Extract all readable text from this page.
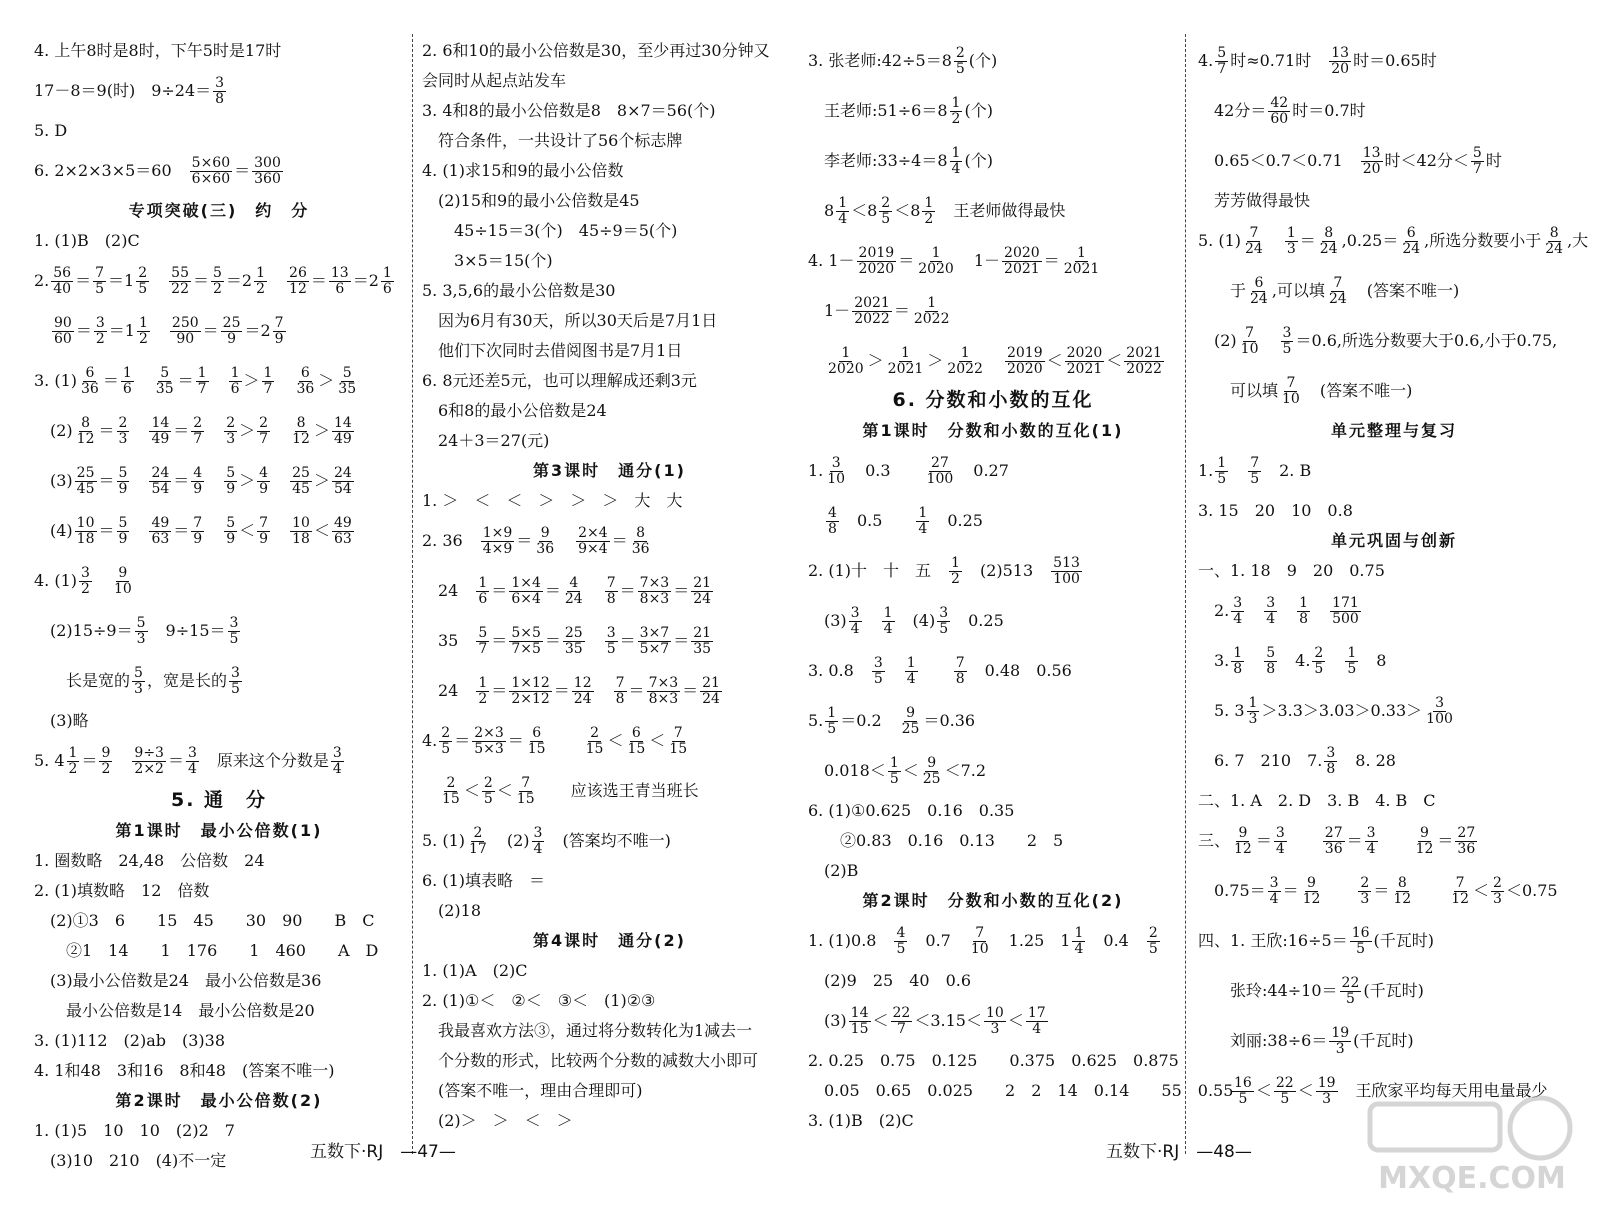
4. 上午8时是8时，下午5时是17时
17－8＝9(时)　$9\div 24= \frac{3}{8}$
5. D
6. 2×2×3×5＝60　 $\frac{5\times 60}{6\times 60} = \frac{300}{360}$
专项突破(三)　约　分
1. (1)B　(2)C
2. $\frac{56}{40} = \frac{7}{5} =1 \frac{2}{5}$
　 $\frac{55}{22} = \frac{5}{2} =2 \frac{1}{2}$
　 $\frac{26}{12} = \frac{13}{6} =2 \frac{1}{6}$

$\frac{90}{60} = \frac{3}{2} =1 \frac{1}{2}$
　 $\frac{250}{90} = \frac{25}{9} =2 \frac{7}{9}$
3. $(1) \frac{6}{36} = \frac{1}{6}$
　 $\frac{5}{35} = \frac{1}{7}$
　 $\frac{1}{6} > \frac{1}{7}$
　 $\frac{6}{36} > \frac{5}{35}$
　$(2) \frac{8}{12} = \frac{2}{3}$
　 $\frac{14}{49} = \frac{2}{7}$
　 $\frac{2}{3} > \frac{2}{7}$
　 $\frac{8}{12} > \frac{14}{49}$
　$(3) \frac{25}{45} = \frac{5}{9}$
　 $\frac{24}{54} = \frac{4}{9}$
　 $\frac{5}{9} > \frac{4}{9}$
　 $\frac{25}{45} > \frac{24}{54}$
　$(4) \frac{10}{18} = \frac{5}{9}$
　 $\frac{49}{63} = \frac{7}{9}$
　 $\frac{5}{9} < \frac{7}{9}$
　 $\frac{10}{18} < \frac{49}{63}$
4. $(1) \frac{3}{2}$
　 $\frac{9}{10}$
　$(2)15\div 9= \frac{5}{3}$ 　$9\div 15= \frac{3}{5}$
　　长是宽的 $\frac{5}{3}$ ，宽是长的 $\frac{3}{5}$
　(3)略
5. $4 \frac{1}{2} = \frac{9}{2}$
　 $\frac{9\div 3}{2\times 2} = \frac{3}{4}$ 　原来这个分数是 $\frac{3}{4}$
5. 通　分
第1课时　最小公倍数(1)
1. 圈数略　24,48　公倍数　24
2. (1)填数略　12　倍数
　(2)①3　6　　15　45　　30　90　　B　C
　　②1　14　　1　176　　1　460　　A　D
　(3)最小公倍数是24　最小公倍数是36
　　最小公倍数是14　最小公倍数是20
3. (1)112　(2)ab　(3)38
4. 1和48　3和16　8和48　(答案不唯一)
第2课时　最小公倍数(2)
1. (1)5　10　10　(2)2　7
　(3)10　210　(4)不一定
2. 6和10的最小公倍数是30，至少再过30分钟又
会同时从起点站发车
3. 4和8的最小公倍数是8　8×7＝56(个)
　符合条件，一共设计了56个标志牌
4. (1)求15和9的最小公倍数
　(2)15和9的最小公倍数是45
　　45÷15＝3(个)　45÷9＝5(个)
　　3×5＝15(个)
5. 3,5,6的最小公倍数是30
　因为6月有30天，所以30天后是7月1日
　他们下次同时去借阅图书是7月1日
6. 8元还差5元，也可以理解成还剩3元
　6和8的最小公倍数是24
　24＋3＝27(元)
第3课时　通分(1)
1. ＞　＜　＜　＞　＞　＞　大　大
2. 36　 $\frac{1\times 9}{4\times 9} = \frac{9}{36}$
　 $\frac{2\times 4}{9\times 4} = \frac{8}{36}$
　24　 $\frac{1}{6} = \frac{1\times 4}{6\times 4} = \frac{4}{24}$
　 $\frac{7}{8} = \frac{7\times 3}{8\times 3} = \frac{21}{24}$
　35　 $\frac{5}{7} = \frac{5\times 5}{7\times 5} = \frac{25}{35}$
　 $\frac{3}{5} = \frac{3\times 7}{5\times 7} = \frac{21}{35}$
　24　 $\frac{1}{2} = \frac{1\times 12}{2\times 12} = \frac{12}{24}$
　 $\frac{7}{8} = \frac{7\times 3}{8\times 3} = \frac{21}{24}$
4. $\frac{2}{5} = \frac{2\times 3}{5\times 3} = \frac{6}{15}$
　　	$\frac{2}{15} < \frac{6}{15} < \frac{7}{15}$

$\frac{2}{15} < \frac{2}{5} < \frac{7}{15}$ 　　应该选王青当班长
5. $(1) \frac{2}{17}$ 　$(2) \frac{3}{4}$ 　(答案均不唯一)
6. (1)填表略　＝
　(2)18
第4课时　通分(2)
1. (1)A　(2)C
2. (1)①＜　②＜　③＜　(1)②③
　我最喜欢方法③，通过将分数转化为1减去一
　个分数的形式，比较两个分数的减数大小即可
　(答案不唯一，理由合理即可)
　(2)＞　＞　＜　＞
五数下·RJ　—47—
3. 张老师:42÷5＝8 $\frac{2}{5}$ (个)
　王老师:51÷6＝8 $\frac{1}{2}$ (个)
　李老师:33÷4＝8 $\frac{1}{4}$ (个)
　$8 \frac{1}{4} <8 \frac{2}{5} <8 \frac{1}{2}$ 　王老师做得最快
4. $1- \frac{2019}{2020} = \frac{1}{2020}$ 　$1- \frac{2020}{2021} = \frac{1}{2021}$
　$1- \frac{2021}{2022} = \frac{1}{2022}$

$\frac{1}{2020} > \frac{1}{2021} > \frac{1}{2022}$
　 $\frac{2019}{2020} < \frac{2020}{2021} < \frac{2021}{2022}$
6. 分数和小数的互化
第1课时　分数和小数的互化(1)
1. $\frac{3}{10}$ 　0.3　　 $\frac{27}{100}$ 　0.27

$\frac{4}{8}$ 　0.5　　 $\frac{1}{4}$ 　0.25
2. (1)十　十　五　 $\frac{1}{2}$ 　(2)513　 $\frac{513}{100}$
　$(3) \frac{3}{4}$
　 $\frac{1}{4}$ 　$(4) \frac{3}{5}$ 　0.25
3. 0.8　 $\frac{3}{5}$
　 $\frac{1}{4}$
　　	$\frac{7}{8}$ 　0.48　0.56
5. $\frac{1}{5} =0.2$　 $\frac{9}{25} =0.36$
　$0.018< \frac{1}{5} < \frac{9}{25} <7.2$
6. (1)①0.625　0.16　0.35
　　②0.83　0.16　0.13　　2　5
　(2)B
第2课时　分数和小数的互化(2)
1. (1)0.8　 $\frac{4}{5}$ 　0.7　 $\frac{7}{10}$ 　1.25　$1 \frac{1}{4}$ 　0.4　 $\frac{2}{5}$
　(2)9　25　40　0.6
　$(3) \frac{14}{15} < \frac{22}{7} <3.15< \frac{10}{3} < \frac{17}{4}$
2. 0.25　0.75　0.125　　0.375　0.625　0.875
　0.05　0.65　0.025　　2　2　14　0.14　　55　0.55
3. (1)B　(2)C
4. $\frac{5}{7}$ 时≈0.71时　 $\frac{13}{20}$ 时＝0.65时
　42分＝ $\frac{42}{60}$ 时＝0.7时
　0.65＜0.7＜0.71　 $\frac{13}{20}$ 时＜42分＜ $\frac{5}{7}$ 时
　芳芳做得最快
5. $(1) \frac{7}{24}$
　 $\frac{1}{3} = \frac{8}{24} ,0.25= \frac{6}{24}$ ,所选分数要小于 $\frac{8}{24}$ ,大
　　于 $\frac{6}{24}$ ,可以填 $\frac{7}{24}$ 　(答案不唯一)
　$(2) \frac{7}{10}$
　 $\frac{3}{5} =0.6$,所选分数要大于0.6,小于0.75,
　　可以填 $\frac{7}{10}$ 　(答案不唯一)
单元整理与复习
1. $\frac{1}{5}$
　 $\frac{7}{5}$ 　2. B
3. 15　20　10　0.8
单元巩固与创新
一、1. 18　9　20　0.75
　2. $\frac{3}{4}$
　 $\frac{3}{4}$
　 $\frac{1}{8}$
　 $\frac{171}{500}$
　3. $\frac{1}{8}$
　 $\frac{5}{8}$ 　4. $\frac{2}{5}$
　 $\frac{1}{5}$ 　8
　5. $3 \frac{1}{3} >3.3>3.03>0.33> \frac{3}{100}$
　6. 7　210　7. $\frac{3}{8}$ 　8. 28
二、1. A　2. D　3. B　4. B　C
三、 $\frac{9}{12} = \frac{3}{4}$
　　	$\frac{27}{36} = \frac{3}{4}$
　　	$\frac{9}{12} = \frac{27}{36}$
　$0.75= \frac{3}{4} = \frac{9}{12}$
　　	$\frac{2}{3} = \frac{8}{12}$
　　	$\frac{7}{12} < \frac{2}{3} <0.75$
四、1. 王欣:16÷5＝ $\frac{16}{5}$ (千瓦时)
　　张玲:44÷10＝ $\frac{22}{5}$ (千瓦时)
　　刘丽:38÷6＝ $\frac{19}{3}$ (千瓦时)

$\frac{16}{5} < \frac{22}{5} < \frac{19}{3}$ 　王欣家平均每天用电量最少
五数下·RJ　—48—
MXQE.COM
